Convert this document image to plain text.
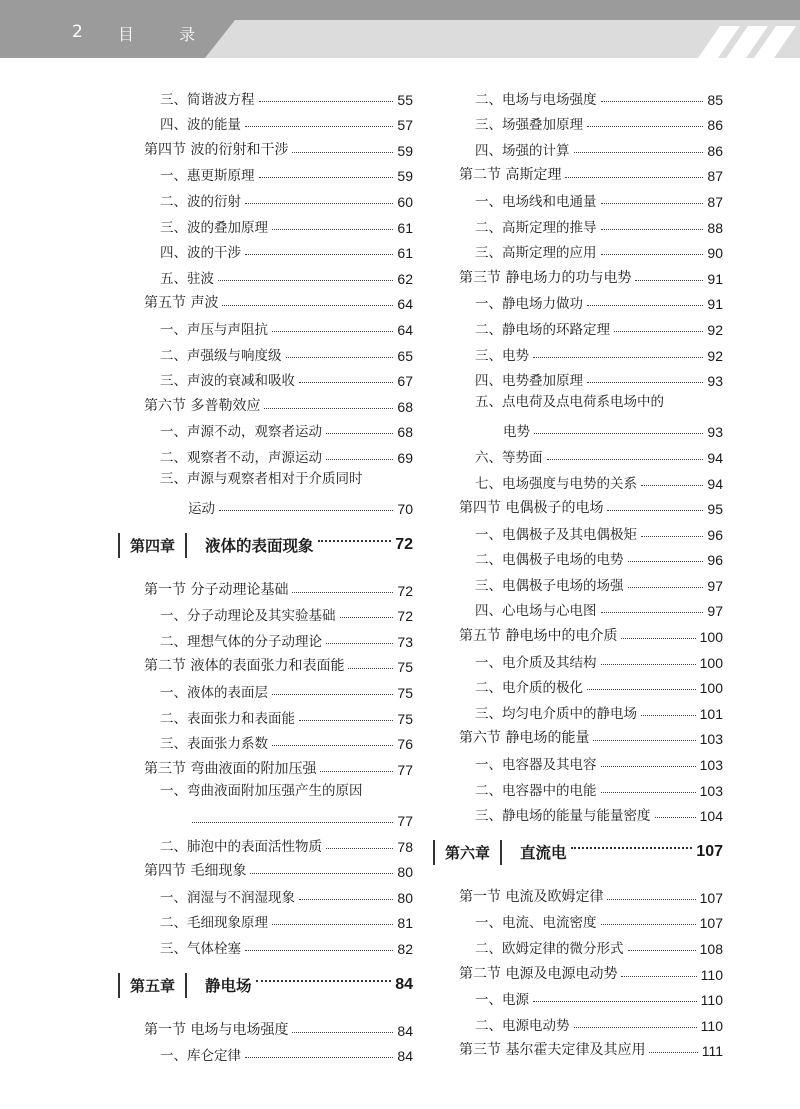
2 目 录
三、简谐波方程	55
四、波的能量	57
第四节 波的衍射和干涉	59
一、惠更斯原理	59
二、波的衍射	60
三、波的叠加原理	61
四、波的干涉	61
五、驻波	62
第五节 声波	64
一、声压与声阻抗	64
二、声强级与响度级	65
三、声波的衰减和吸收	67
第六节 多普勒效应	68
一、声源不动，观察者运动	68
二、观察者不动，声源运动	69
三、声源与观察者相对于介质同时
运动	70
第四章	液体的表面现象	72
第一节 分子动理论基础	72
一、分子动理论及其实验基础	72
二、理想气体的分子动理论	73
第二节 液体的表面张力和表面能	75
一、液体的表面层	75
二、表面张力和表面能	75
三、表面张力系数	76
第三节 弯曲液面的附加压强	77
一、弯曲液面附加压强产生的原因
77
二、肺泡中的表面活性物质	78
第四节 毛细现象	80
一、润湿与不润湿现象	80
二、毛细现象原理	81
三、气体栓塞	82
第五章	静电场	84
第一节 电场与电场强度	84
一、库仑定律	84
二、电场与电场强度	85
三、场强叠加原理	86
四、场强的计算	86
第二节 高斯定理	87
一、电场线和电通量	87
二、高斯定理的推导	88
三、高斯定理的应用	90
第三节 静电场力的功与电势	91
一、静电场力做功	91
二、静电场的环路定理	92
三、电势	92
四、电势叠加原理	93
五、点电荷及点电荷系电场中的
电势	93
六、等势面	94
七、电场强度与电势的关系	94
第四节 电偶极子的电场	95
一、电偶极子及其电偶极矩	96
二、电偶极子电场的电势	96
三、电偶极子电场的场强	97
四、心电场与心电图	97
第五节 静电场中的电介质	100
一、电介质及其结构	100
二、电介质的极化	100
三、均匀电介质中的静电场	101
第六节 静电场的能量	103
一、电容器及其电容	103
二、电容器中的电能	103
三、静电场的能量与能量密度	104
第六章	直流电	107
第一节 电流及欧姆定律	107
一、电流、电流密度	107
二、欧姆定律的微分形式	108
第二节 电源及电源电动势	110
一、电源	110
二、电源电动势	110
第三节 基尔霍夫定律及其应用	111
